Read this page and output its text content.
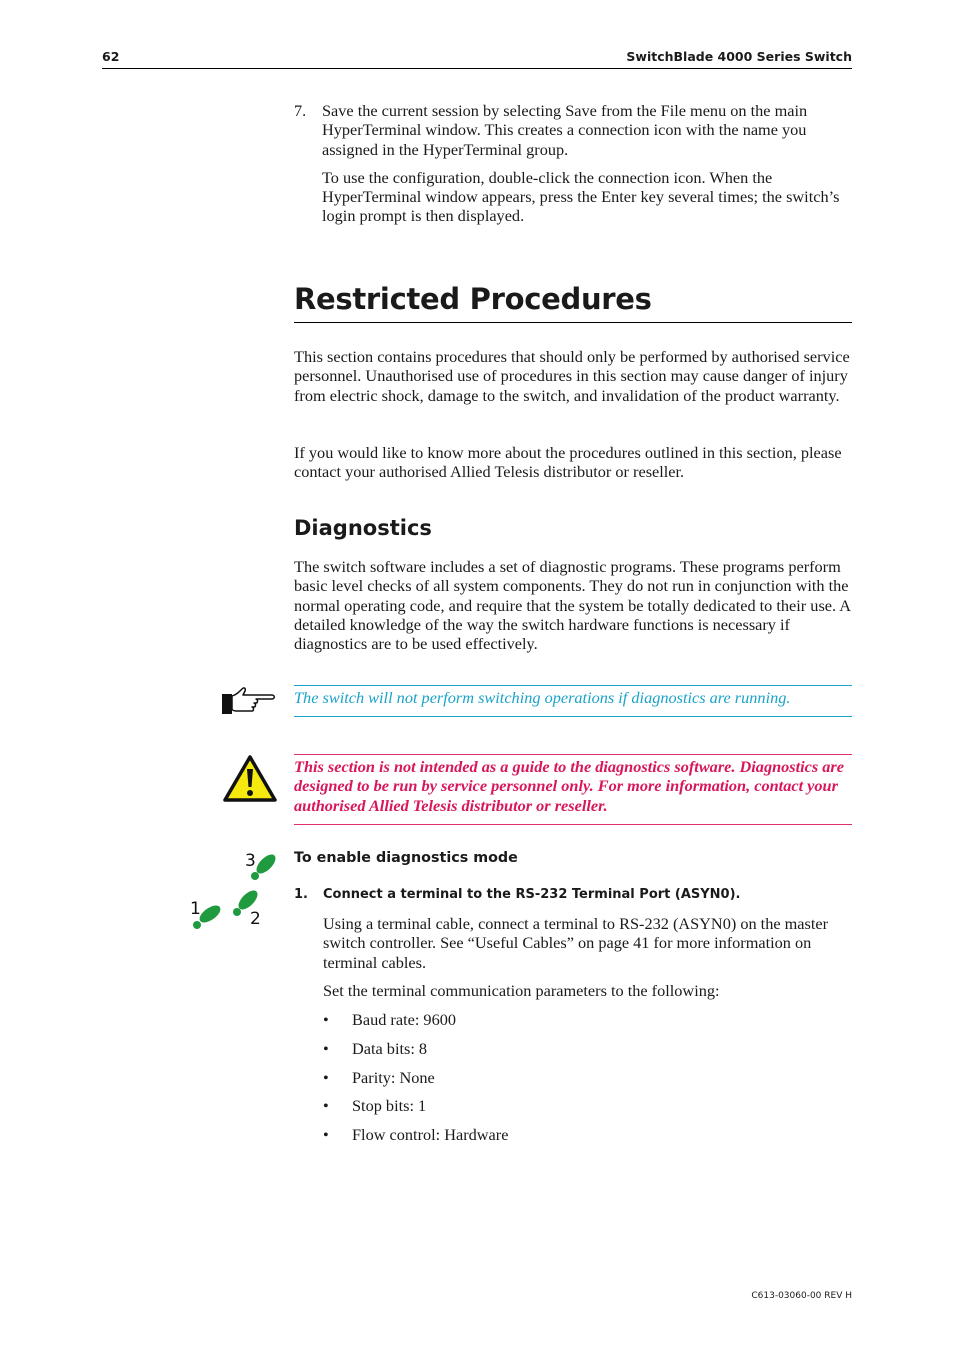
62	SwitchBlade 4000 Series Switch
7. Save the current session by selecting Save from the File menu on the main HyperTerminal window. This creates a connection icon with the name you assigned in the HyperTerminal group.
To use the configuration, double-click the connection icon. When the HyperTerminal window appears, press the Enter key several times; the switch’s login prompt is then displayed.
Restricted Procedures
This section contains procedures that should only be performed by authorised service personnel. Unauthorised use of procedures in this section may cause danger of injury from electric shock, damage to the switch, and invalidation of the product warranty.
If you would like to know more about the procedures outlined in this section, please contact your authorised Allied Telesis distributor or reseller.
Diagnostics
The switch software includes a set of diagnostic programs. These programs perform basic level checks of all system components. They do not run in conjunction with the normal operating code, and require that the system be totally dedicated to their use. A detailed knowledge of the way the switch hardware functions is necessary if diagnostics are to be used effectively.
The switch will not perform switching operations if diagnostics are running.
This section is not intended as a guide to the diagnostics software. Diagnostics are designed to be run by service personnel only. For more information, contact your authorised Allied Telesis distributor or reseller.
1	2
3	To enable diagnostics mode
1. Connect a terminal to the RS-232 Terminal Port (ASYN0).
Using a terminal cable, connect a terminal to RS-232 (ASYN0) on the master switch controller. See “Useful Cables” on page 41 for more information on terminal cables.
Set the terminal communication parameters to the following:
• Baud rate: 9600
• Data bits: 8
• Parity: None
• Stop bits: 1
• Flow control: Hardware
C613-03060-00 REV H
